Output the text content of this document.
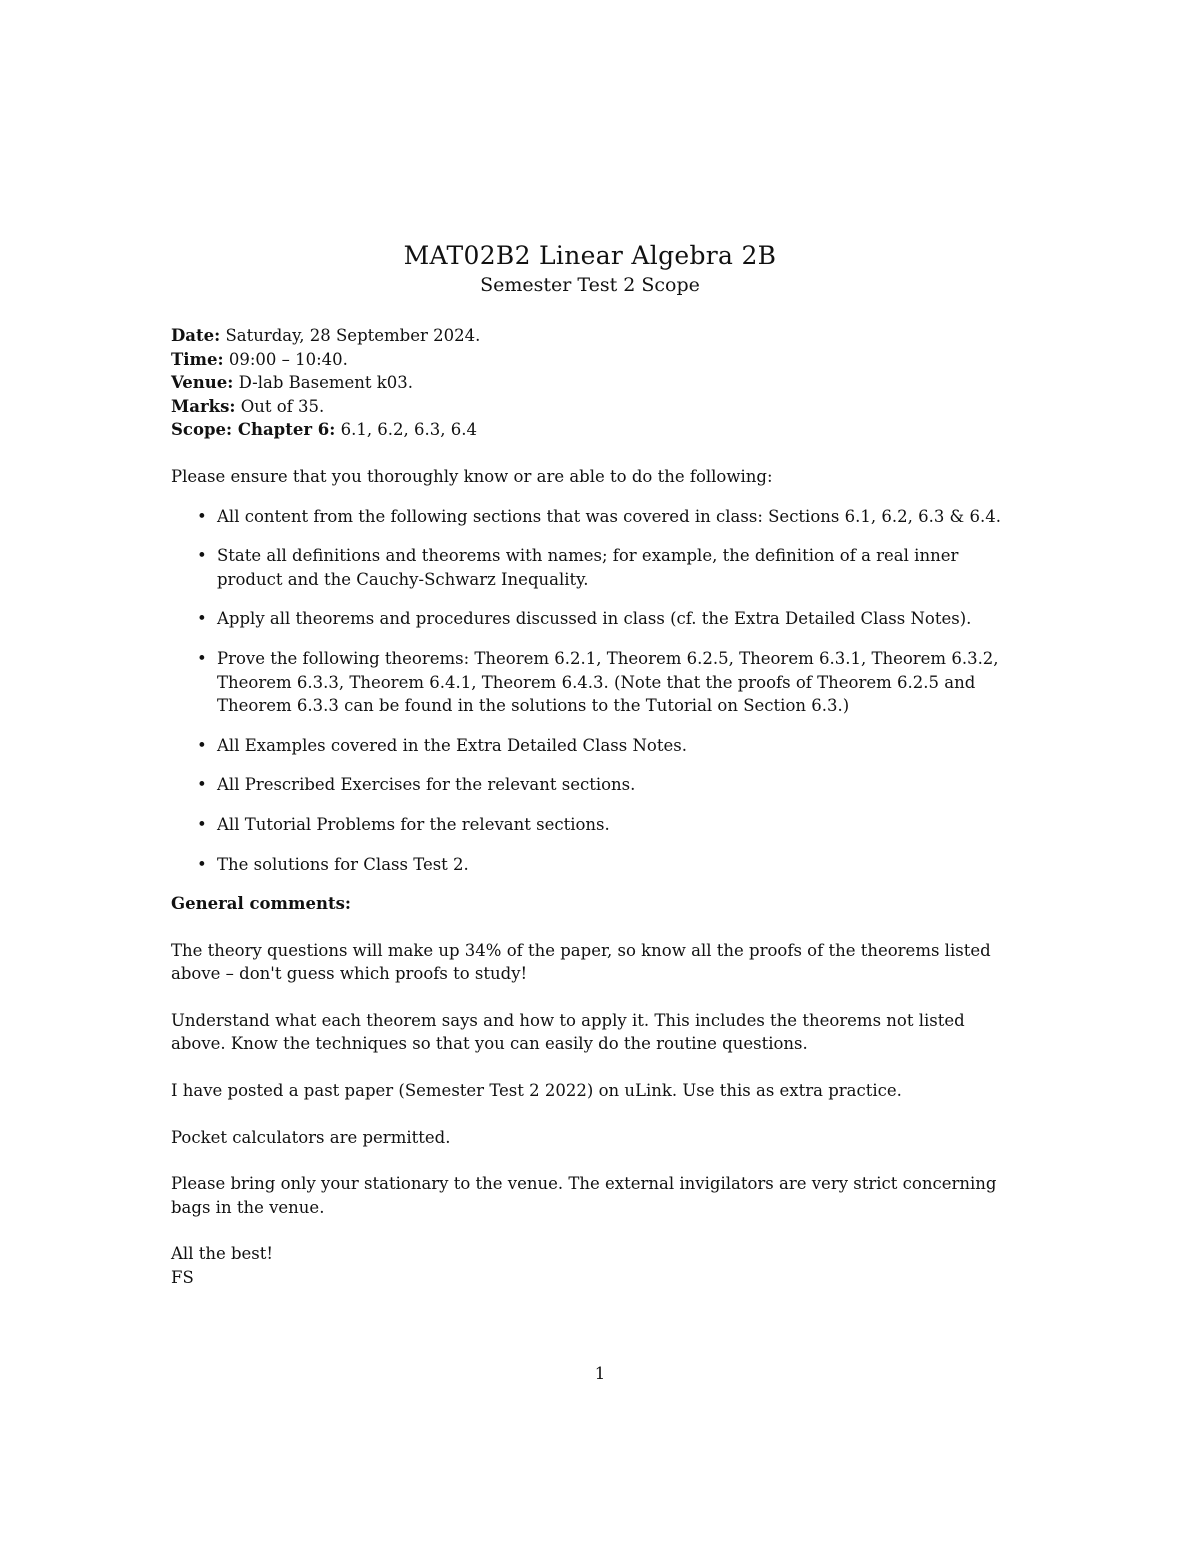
MAT02B2 Linear Algebra 2B
Semester Test 2 Scope
Date: Saturday, 28 September 2024.
Time: 09:00 – 10:40.
Venue: D-lab Basement k03.
Marks: Out of 35.
Scope: Chapter 6: 6.1, 6.2, 6.3, 6.4
Please ensure that you thoroughly know or are able to do the following:
• All content from the following sections that was covered in class: Sections 6.1, 6.2, 6.3 & 6.4.
• State all definitions and theorems with names; for example, the definition of a real inner product and the Cauchy-Schwarz Inequality.
• Apply all theorems and procedures discussed in class (cf. the Extra Detailed Class Notes).
• Prove the following theorems: Theorem 6.2.1, Theorem 6.2.5, Theorem 6.3.1, Theorem 6.3.2, Theorem 6.3.3, Theorem 6.4.1, Theorem 6.4.3. (Note that the proofs of Theorem 6.2.5 and Theorem 6.3.3 can be found in the solutions to the Tutorial on Section 6.3.)
• All Examples covered in the Extra Detailed Class Notes.
• All Prescribed Exercises for the relevant sections.
• All Tutorial Problems for the relevant sections.
• The solutions for Class Test 2.
General comments:
The theory questions will make up 34% of the paper, so know all the proofs of the theorems listed above – don't guess which proofs to study!
Understand what each theorem says and how to apply it. This includes the theorems not listed above. Know the techniques so that you can easily do the routine questions.
I have posted a past paper (Semester Test 2 2022) on uLink. Use this as extra practice.
Pocket calculators are permitted.
Please bring only your stationary to the venue. The external invigilators are very strict concerning bags in the venue.
All the best!
FS
1
